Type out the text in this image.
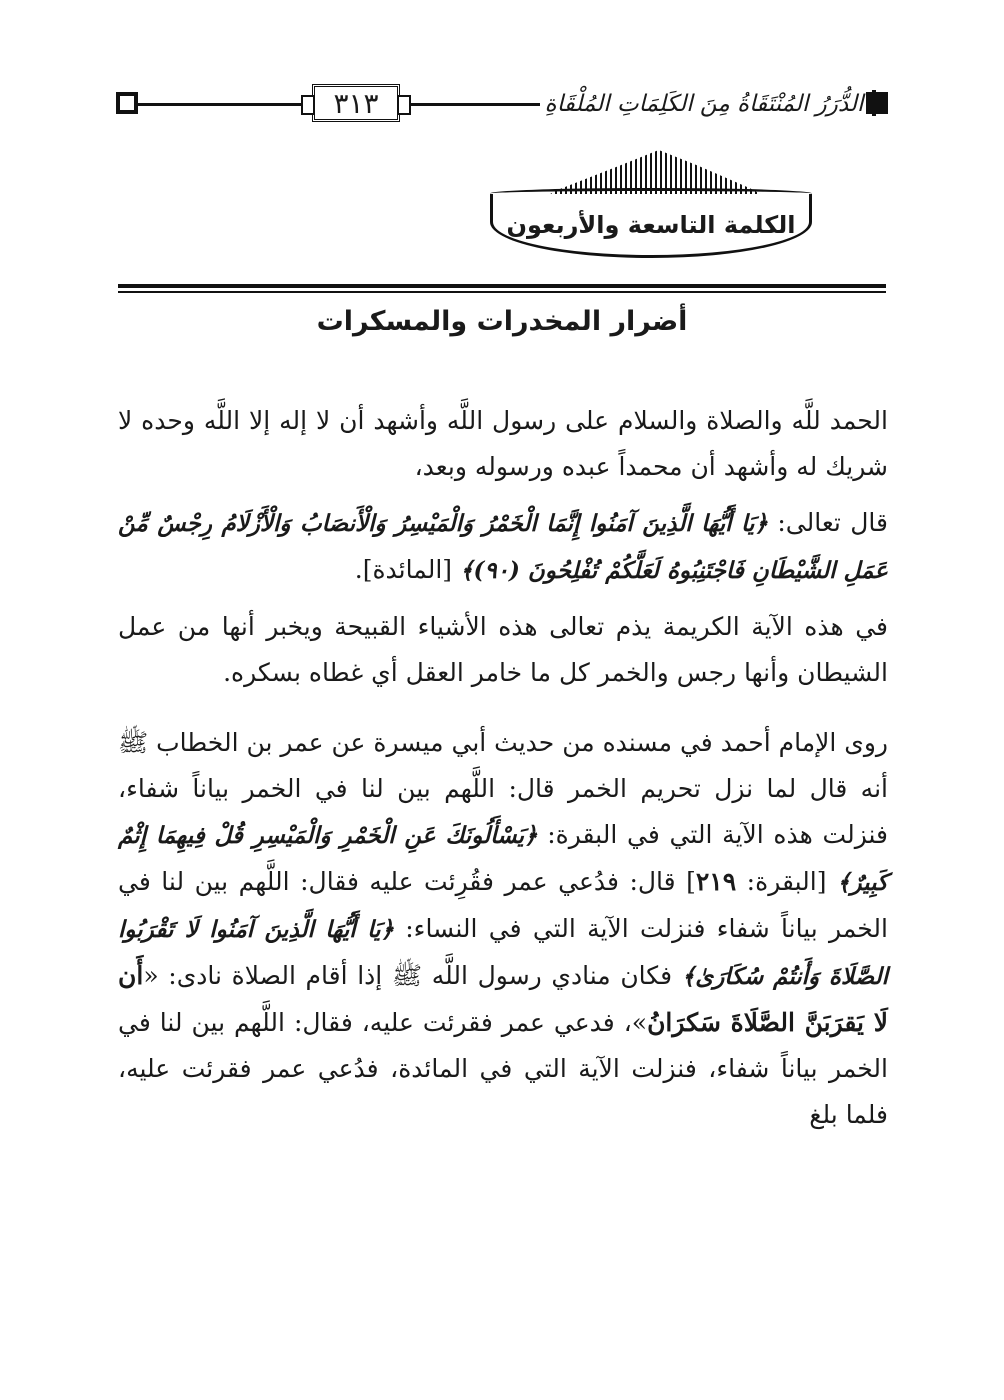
٣١٣	الدُّرَرُ المُنْتَقَاةُ مِنَ الكَلِمَاتِ المُلْقَاةِ
الكلمة التاسعة والأربعون
أضرار المخدرات والمسكرات

الحمد للَّه والصلاة والسلام على رسول اللَّه وأشهد أن لا إله إلا اللَّه وحده لا شريك له وأشهد أن محمداً عبده ورسوله وبعد،

قال تعالى: ﴿يَا أَيُّهَا الَّذِينَ آمَنُوا إِنَّمَا الْخَمْرُ وَالْمَيْسِرُ وَالْأَنصَابُ وَالْأَزْلَامُ رِجْسٌ مِّنْ عَمَلِ الشَّيْطَانِ فَاجْتَنِبُوهُ لَعَلَّكُمْ تُفْلِحُونَ (٩٠)﴾ [المائدة].

في هذه الآية الكريمة يذم تعالى هذه الأشياء القبيحة ويخبر أنها من عمل الشيطان وأنها رجس والخمر كل ما خامر العقل أي غطاه بسكره.

روى الإمام أحمد في مسنده من حديث أبي ميسرة عن عمر بن الخطاب ﷺ أنه قال لما نزل تحريم الخمر قال: اللَّهم بين لنا في الخمر بياناً شفاء، فنزلت هذه الآية التي في البقرة: ﴿يَسْأَلُونَكَ عَنِ الْخَمْرِ وَالْمَيْسِرِ قُلْ فِيهِمَا إِثْمٌ كَبِيرٌ﴾ [البقرة: ٢١٩] قال: فدُعي عمر فقُرِئت عليه فقال: اللَّهم بين لنا في الخمر بياناً شفاء فنزلت الآية التي في النساء: ﴿يَا أَيُّهَا الَّذِينَ آمَنُوا لَا تَقْرَبُوا الصَّلَاةَ وَأَنتُمْ سُكَارَىٰ﴾ فكان منادي رسول اللَّه ﷺ إذا أقام الصلاة نادى: «أَن لَا يَقرَبَنَّ الصَّلَاةَ سَكرَانُ»، فدعي عمر فقرئت عليه، فقال: اللَّهم بين لنا في الخمر بياناً شفاء، فنزلت الآية التي في المائدة، فدُعي عمر فقرئت عليه، فلما بلغ
